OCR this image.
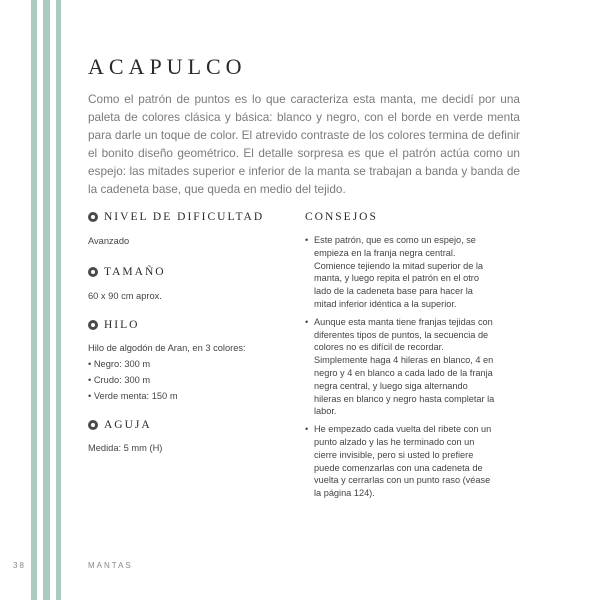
ACAPULCO

Como el patrón de puntos es lo que caracteriza esta manta, me decidí por una paleta de colores clásica y básica: blanco y negro, con el borde en verde menta para darle un toque de color. El atrevido contraste de los colores termina de definir el bonito diseño geométrico. El detalle sorpresa es que el patrón actúa como un espejo: las mitades superior e inferior de la manta se trabajan a banda y banda de la cadeneta base, que queda en medio del tejido.

NIVEL DE DIFICULTAD
Avanzado
TAMAÑO
60 x 90 cm aprox.
HILO
Hilo de algodón de Aran, en 3 colores:
• Negro: 300 m
• Crudo: 300 m
• Verde menta: 150 m
AGUJA
Medida: 5 mm (H)
CONSEJOS
• Este patrón, que es como un espejo, se empieza en la franja negra central. Comience tejiendo la mitad superior de la manta, y luego repita el patrón en el otro lado de la cadeneta base para hacer la mitad inferior idéntica a la superior.
• Aunque esta manta tiene franjas tejidas con diferentes tipos de puntos, la secuencia de colores no es difícil de recordar. Simplemente haga 4 hileras en blanco, 4 en negro y 4 en blanco a cada lado de la franja negra central, y luego siga alternando hileras en blanco y negro hasta completar la labor.
• He empezado cada vuelta del ribete con un punto alzado y las he terminado con un cierre invisible, pero si usted lo prefiere puede comenzarlas con una cadeneta de vuelta y cerrarlas con un punto raso (véase la página 124).
38	MANTAS
